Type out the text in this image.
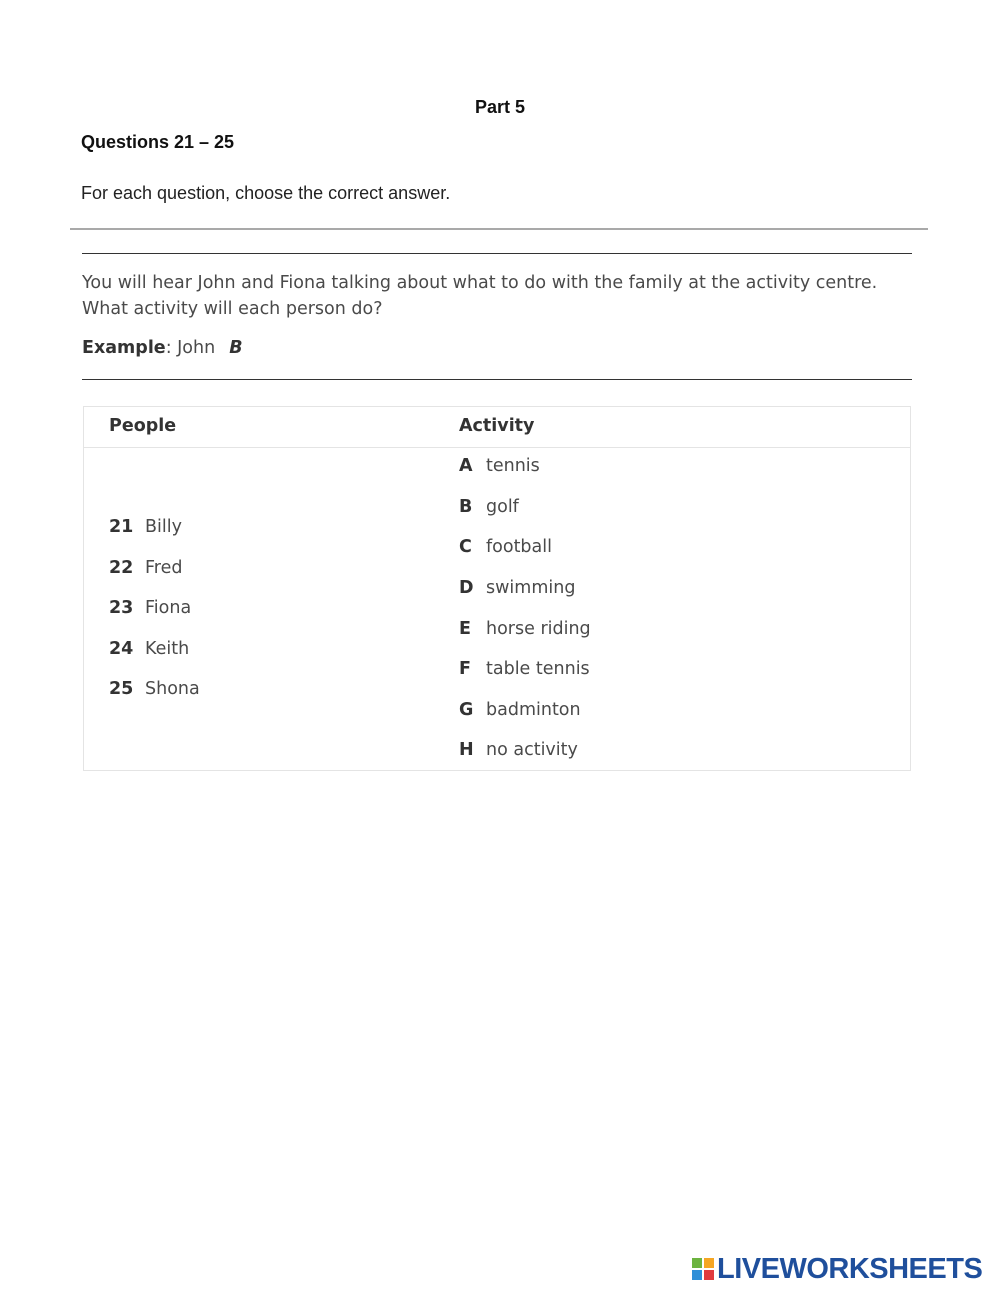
Part 5
Questions 21 – 25
For each question, choose the correct answer.
You will hear John and Fiona talking about what to do with the family at the activity centre.
What activity will each person do?
Example: John B
People	Activity
21 Billy
22 Fred
23 Fiona
24 Keith
25 Shona
A tennis
B golf
C football
D swimming
E horse riding
F table tennis
G badminton
H no activity
LIVEWORKSHEETS
